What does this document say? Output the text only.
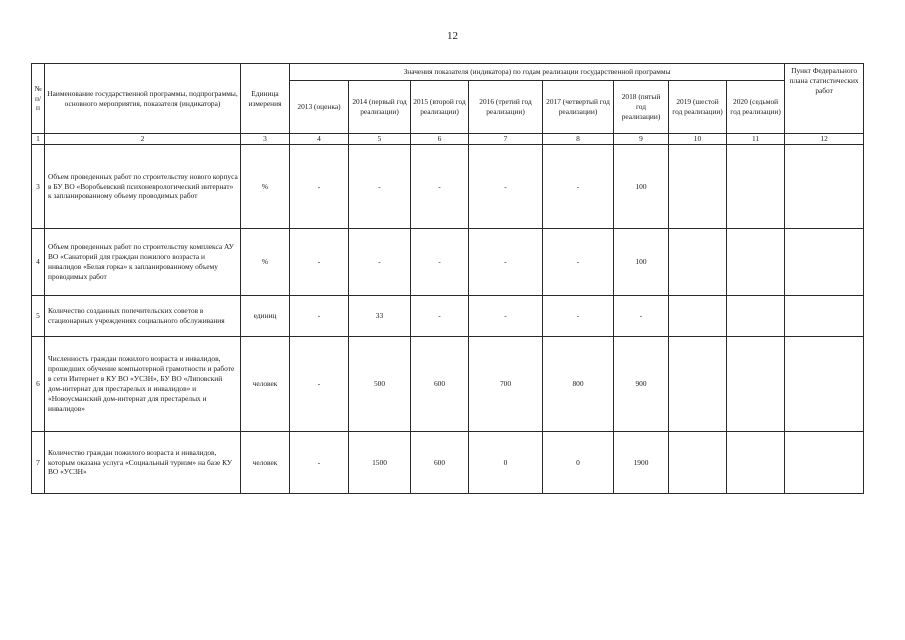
12
№ п/п	Наименование государственной программы, подпрограммы, основного мероприятия, показателя (индикатора)	Единица измерения	Значения показателя (индикатора) по годам реализации государственной программы								Пункт Федерального плана статистических работ
			2013 (оценка)	2014 (первый год реализации)	2015 (второй год реализации)	2016 (третий год реализации)	2017 (четвертый год реализации)	2018 (пятый год реализации)	2019 (шестой год реализации)	2020 (седьмой год реализации)	
1	2	3	4	5	6	7	8	9	10	11	12
3	Объем проведенных работ по строительству нового корпуса в БУ ВО «Воробьевский психоневрологический интернат» к запланированному объему проводимых работ	%	-	-	-	-	-	100			
4	Объем проведенных работ по строительству комплекса АУ ВО «Санаторий для граждан пожилого возраста и инвалидов «Белая горка» к запланированному объему проводимых работ	%	-	-	-	-	-	100			
5	Количество созданных попечительских советов в стационарных учреждениях социального обслуживания	единиц	-	33	-	-	-	-			
6	Численность граждан пожилого возраста и инвалидов, прошедших обучение компьютерной грамотности и работе в сети Интернет в КУ ВО «УСЗН», БУ ВО «Липовский дом-интернат для престарелых и инвалидов» и «Новоусманский дом-интернат для престарелых и инвалидов»	человек	-	500	600	700	800	900			
7	Количество граждан пожилого возраста и инвалидов, которым оказана услуга «Социальный туризм» на базе КУ ВО «УСЗН»	человек	-	1500	600	0	0	1900			
